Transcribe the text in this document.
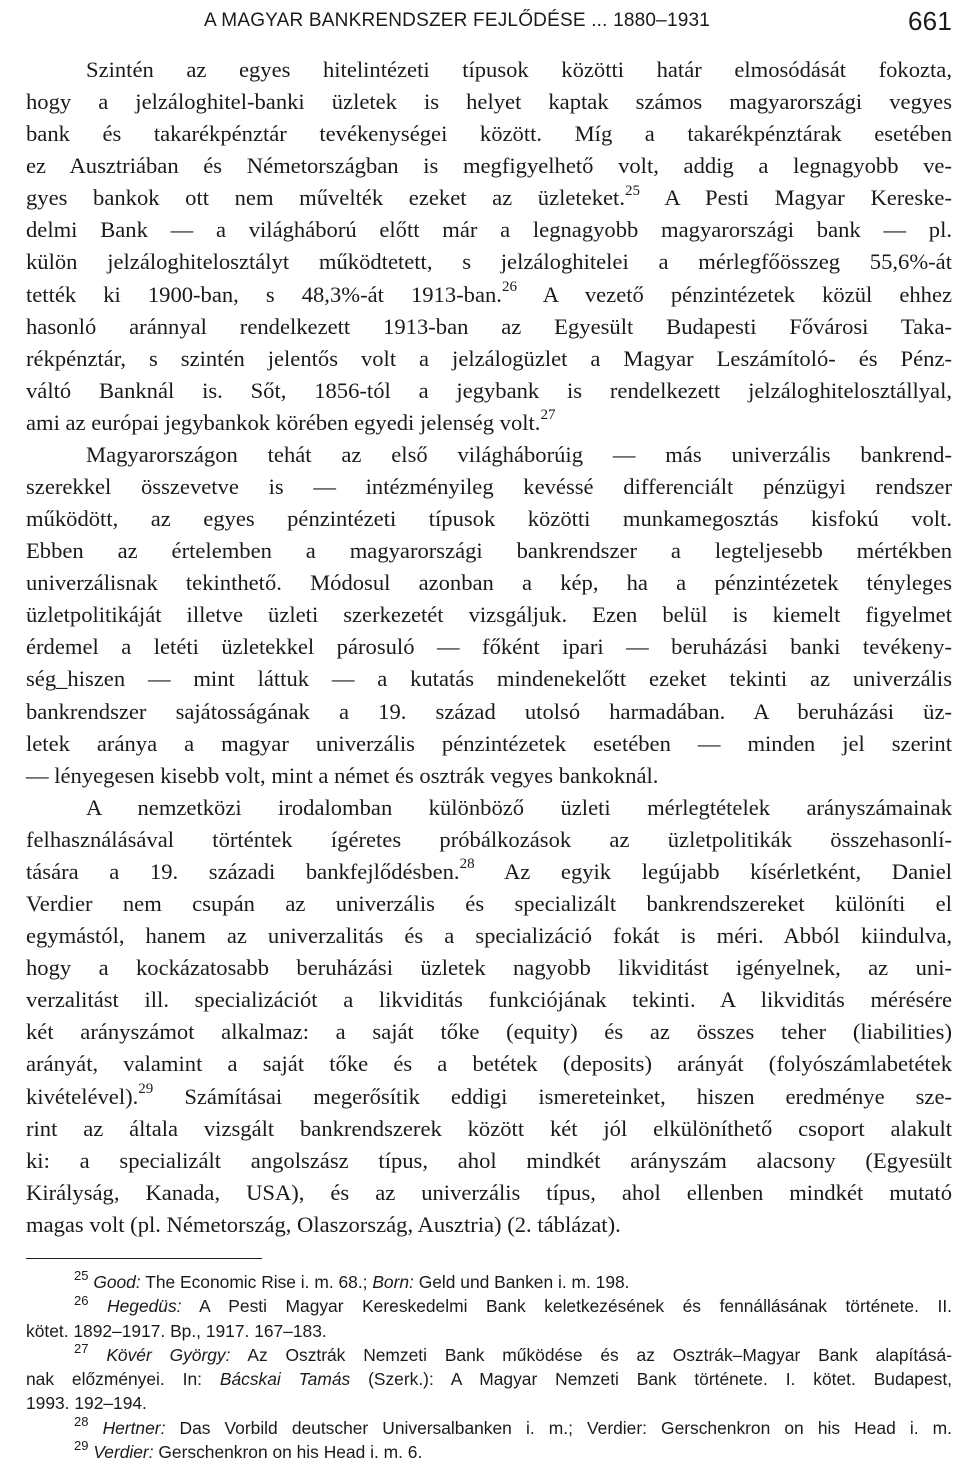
A MAGYAR BANKRENDSZER FEJLŐDÉSE ... 1880–1931	661
Szintén az egyes hitelintézeti típusok közötti határ elmosódását fokozta,
hogy a jelzáloghitel-banki üzletek is helyet kaptak számos magyarországi vegyes
bank és takarékpénztár tevékenységei között. Míg a takarékpénztárak esetében
ez Ausztriában és Németországban is megfigyelhető volt, addig a legnagyobb ve-
gyes bankok ott nem művelték ezeket az üzleteket.$^{25}$ A Pesti Magyar Kereske-
delmi Bank — a világháború előtt már a legnagyobb magyarországi bank — pl.
külön jelzáloghitelosztályt működtetett, s jelzáloghitelei a mérlegfőösszeg 55,6%-át
tették ki 1900-ban, s 48,3%-át 1913-ban.$^{26}$ A vezető pénzintézetek közül ehhez
hasonló aránnyal rendelkezett 1913-ban az Egyesült Budapesti Fővárosi Taka-
rékpénztár, s szintén jelentős volt a jelzálogüzlet a Magyar Leszámítoló- és Pénz-
váltó Banknál is. Sőt, 1856-tól a jegybank is rendelkezett jelzáloghitelosztállyal,
ami az európai jegybankok körében egyedi jelenség volt.$^{27}$
Magyarországon tehát az első világháborúig — más univerzális bankrend-
szerekkel összevetve is — intézményileg kevéssé differenciált pénzügyi rendszer
működött, az egyes pénzintézeti típusok közötti munkamegosztás kisfokú volt.
Ebben az értelemben a magyarországi bankrendszer a legteljesebb mértékben
univerzálisnak tekinthető. Módosul azonban a kép, ha a pénzintézetek tényleges
üzletpolitikáját illetve üzleti szerkezetét vizsgáljuk. Ezen belül is kiemelt figyelmet
érdemel a letéti üzletekkel párosuló — főként ipari — beruházási banki tevékeny-
ség_hiszen — mint láttuk — a kutatás mindenekelőtt ezeket tekinti az univerzális
bankrendszer sajátosságának a 19. század utolsó harmadában. A beruházási üz-
letek aránya a magyar univerzális pénzintézetek esetében — minden jel szerint
— lényegesen kisebb volt, mint a német és osztrák vegyes bankoknál.
A nemzetközi irodalomban különböző üzleti mérlegtételek arányszámainak
felhasználásával történtek ígéretes próbálkozások az üzletpolitikák összehasonlí-
tására a 19. századi bankfejlődésben.$^{28}$ Az egyik legújabb kísérletként, Daniel
Verdier nem csupán az univerzális és specializált bankrendszereket különíti el
egymástól, hanem az univerzalitás és a specializáció fokát is méri. Abból kiindulva,
hogy a kockázatosabb beruházási üzletek nagyobb likviditást igényelnek, az uni-
verzalitást ill. specializációt a likviditás funkciójának tekinti. A likviditás mérésére
két arányszámot alkalmaz: a saját tőke (equity) és az összes teher (liabilities)
arányát, valamint a saját tőke és a betétek (deposits) arányát (folyószámlabetétek
kivételével).$^{29}$ Számításai megerősítik eddigi ismereteinket, hiszen eredménye sze-
rint az általa vizsgált bankrendszerek között két jól elkülöníthető csoport alakult
ki: a specializált angolszász típus, ahol mindkét arányszám alacsony (Egyesült
Királyság, Kanada, USA), és az univerzális típus, ahol ellenben mindkét mutató
magas volt (pl. Németország, Olaszország, Ausztria) (2. táblázat).
$^{25}$ Good: The Economic Rise i. m. 68.; Born: Geld und Banken i. m. 198.
$^{26}$ Hegedüs: A Pesti Magyar Kereskedelmi Bank keletkezésének és fennállásának története. II.
kötet. 1892–1917. Bp., 1917. 167–183.
$^{27}$ Kövér György: Az Osztrák Nemzeti Bank működése és az Osztrák–Magyar Bank alapításá-
nak előzményei. In: Bácskai Tamás (Szerk.): A Magyar Nemzeti Bank története. I. kötet. Budapest,
1993. 192–194.
$^{28}$ Hertner: Das Vorbild deutscher Universalbanken i. m.; Verdier: Gerschenkron on his Head i. m.
$^{29}$ Verdier: Gerschenkron on his Head i. m. 6.
